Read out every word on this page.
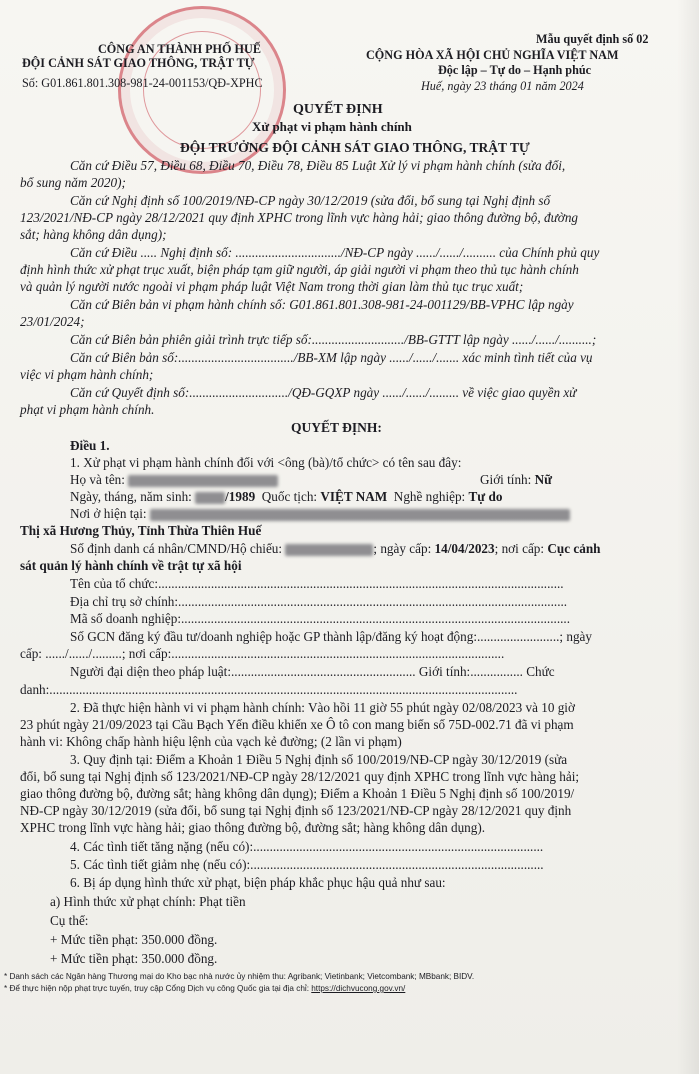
CÔNG AN THÀNH PHỐ HUẾ
ĐỘI CẢNH SÁT GIAO THÔNG, TRẬT TỰ
Số: G01.861.801.308-981-24-001153/QĐ-XPHC
Mẫu quyết định số 02
CỘNG HÒA XÃ HỘI CHỦ NGHĨA VIỆT NAM
Độc lập – Tự do – Hạnh phúc
Huế, ngày 23 tháng 01 năm 2024
QUYẾT ĐỊNH
Xử phạt vi phạm hành chính
ĐỘI TRƯỞNG ĐỘI CẢNH SÁT GIAO THÔNG, TRẬT TỰ
Căn cứ Điều 57, Điều 68, Điều 70, Điều 78, Điều 85 Luật Xử lý vi phạm hành chính (sửa đổi,
bổ sung năm 2020);
Căn cứ Nghị định số 100/2019/NĐ-CP ngày 30/12/2019 (sửa đổi, bổ sung tại Nghị định số
123/2021/NĐ-CP ngày 28/12/2021 quy định XPHC trong lĩnh vực hàng hải; giao thông đường bộ, đường
sắt; hàng không dân dụng);
Căn cứ Điều ..... Nghị định số: ................................/NĐ-CP ngày ....../....../.......... của Chính phủ quy
định hình thức xử phạt trục xuất, biện pháp tạm giữ người, áp giải người vi phạm theo thủ tục hành chính
và quản lý người nước ngoài vi phạm pháp luật Việt Nam trong thời gian làm thủ tục trục xuất;
Căn cứ Biên bản vi phạm hành chính số: G01.861.801.308-981-24-001129/BB-VPHC lập ngày
23/01/2024;
Căn cứ Biên bản phiên giải trình trực tiếp số:............................/BB-GTTT lập ngày ....../....../..........;
Căn cứ Biên bản số:.................................../BB-XM lập ngày ....../....../....... xác minh tình tiết của vụ
việc vi phạm hành chính;
Căn cứ Quyết định số:............................../QĐ-GQXP ngày ....../....../......... về việc giao quyền xử
phạt vi phạm hành chính.
QUYẾT ĐỊNH:
Điều 1.
1. Xử phạt vi phạm hành chính đối với <ông (bà)/tổ chức> có tên sau đây:
Họ và tên:	Giới tính: Nữ
Ngày, tháng, năm sinh:	/1989 Quốc tịch: VIỆT NAM Nghề nghiệp: Tự do
Nơi ở hiện tại:
Thị xã Hương Thủy, Tỉnh Thừa Thiên Huế
Số định danh cá nhân/CMND/Hộ chiếu:	; ngày cấp: 14/04/2023; nơi cấp: Cục cảnh
sát quản lý hành chính về trật tự xã hội
Tên của tổ chức:...........................................................................................................................
Địa chỉ trụ sở chính:......................................................................................................................
Mã số doanh nghiệp:......................................................................................................................
Số GCN đăng ký đầu tư/doanh nghiệp hoặc GP thành lập/đăng ký hoạt động:.........................; ngày
cấp: ....../....../.........; nơi cấp:.....................................................................................................
Người đại diện theo pháp luật:........................................................ Giới tính:................ Chức
danh:..............................................................................................................................................
2. Đã thực hiện hành vi vi phạm hành chính: Vào hồi 11 giờ 55 phút ngày 02/08/2023 và 10 giờ
23 phút ngày 21/09/2023 tại Cầu Bạch Yến điều khiển xe Ô tô con mang biển số 75D-002.71 đã vi phạm
hành vi: Không chấp hành hiệu lệnh của vạch kẻ đường; (2 lần vi phạm)
3. Quy định tại: Điểm a Khoản 1 Điều 5 Nghị định số 100/2019/NĐ-CP ngày 30/12/2019 (sửa
đổi, bổ sung tại Nghị định số 123/2021/NĐ-CP ngày 28/12/2021 quy định XPHC trong lĩnh vực hàng hải;
giao thông đường bộ, đường sắt; hàng không dân dụng); Điểm a Khoản 1 Điều 5 Nghị định số 100/2019/
NĐ-CP ngày 30/12/2019 (sửa đổi, bổ sung tại Nghị định số 123/2021/NĐ-CP ngày 28/12/2021 quy định
XPHC trong lĩnh vực hàng hải; giao thông đường bộ, đường sắt; hàng không dân dụng).
4. Các tình tiết tăng nặng (nếu có):........................................................................................
5. Các tình tiết giảm nhẹ (nếu có):.........................................................................................
6. Bị áp dụng hình thức xử phạt, biện pháp khắc phục hậu quả như sau:
a) Hình thức xử phạt chính: Phạt tiền
Cụ thể:
+ Mức tiền phạt: 350.000 đồng.
+ Mức tiền phạt: 350.000 đồng.
* Danh sách các Ngân hàng Thương mại do Kho bạc nhà nước ủy nhiệm thu: Agribank; Vietinbank; Vietcombank; MBbank; BIDV.
* Để thực hiện nộp phạt trực tuyến, truy cập Cổng Dịch vụ công Quốc gia tại địa chỉ: https://dichvucong.gov.vn/
